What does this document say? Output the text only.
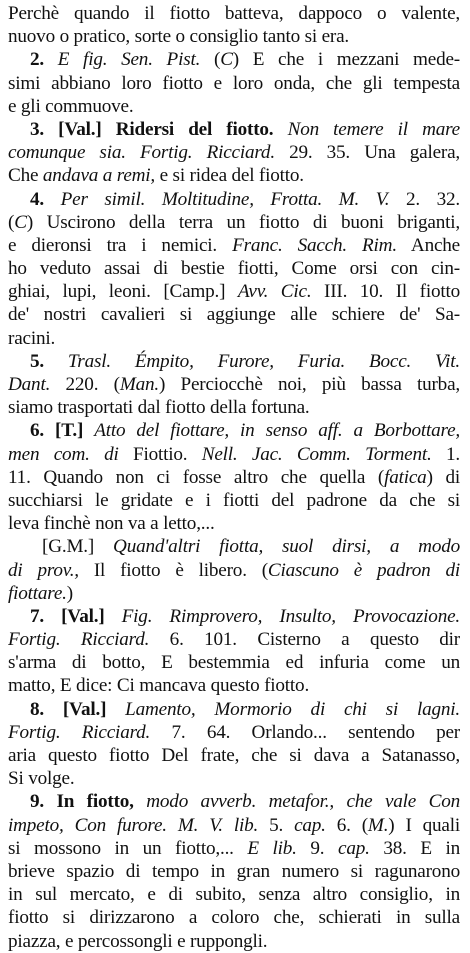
Perchè quando il fiotto batteva, dappoco o valente,
nuovo o pratico, sorte o consiglio tanto si era.
2. E fig. Sen. Pist. (C) E che i mezzani mede-
simi abbiano loro fiotto e loro onda, che gli tempesta
e gli commuove.
3. [Val.] Ridersi del fiotto. Non temere il mare
comunque sia. Fortig. Ricciard. 29. 35. Una galera,
Che andava a remi, e si ridea del fiotto.
4. Per simil. Moltitudine, Frotta. M. V. 2. 32.
(C) Uscirono della terra un fiotto di buoni briganti,
e dieronsi tra i nemici. Franc. Sacch. Rim. Anche
ho veduto assai di bestie fiotti, Come orsi con cin-
ghiai, lupi, leoni. [Camp.] Avv. Cic. III. 10. Il fiotto
de' nostri cavalieri si aggiunge alle schiere de' Sa-
racini.
5. Trasl. Émpito, Furore, Furia. Bocc. Vit.
Dant. 220. (Man.) Perciocchè noi, più bassa turba,
siamo trasportati dal fiotto della fortuna.
6. [T.] Atto del fiottare, in senso aff. a Borbottare,
men com. di Fiottio. Nell. Jac. Comm. Torment. 1.
11. Quando non ci fosse altro che quella (fatica) di
succhiarsi le gridate e i fiotti del padrone da che si
leva finchè non va a letto,...
[G.M.] Quand'altri fiotta, suol dirsi, a modo
di prov., Il fiotto è libero. (Ciascuno è padron di
fiottare.)
7. [Val.] Fig. Rimprovero, Insulto, Provocazione.
Fortig. Ricciard. 6. 101. Cisterno a questo dir
s'arma di botto, E bestemmia ed infuria come un
matto, E dice: Ci mancava questo fiotto.
8. [Val.] Lamento, Mormorio di chi si lagni.
Fortig. Ricciard. 7. 64. Orlando... sentendo per
aria questo fiotto Del frate, che si dava a Satanasso,
Si volge.
9. In fiotto, modo avverb. metafor., che vale Con
impeto, Con furore. M. V. lib. 5. cap. 6. (M.) I quali
si mossono in un fiotto,... E lib. 9. cap. 38. E in
brieve spazio di tempo in gran numero si ragunarono
in sul mercato, e di subito, senza altro consiglio, in
fiotto si dirizzarono a coloro che, schierati in sulla
piazza, e percossongli e ruppongli.
